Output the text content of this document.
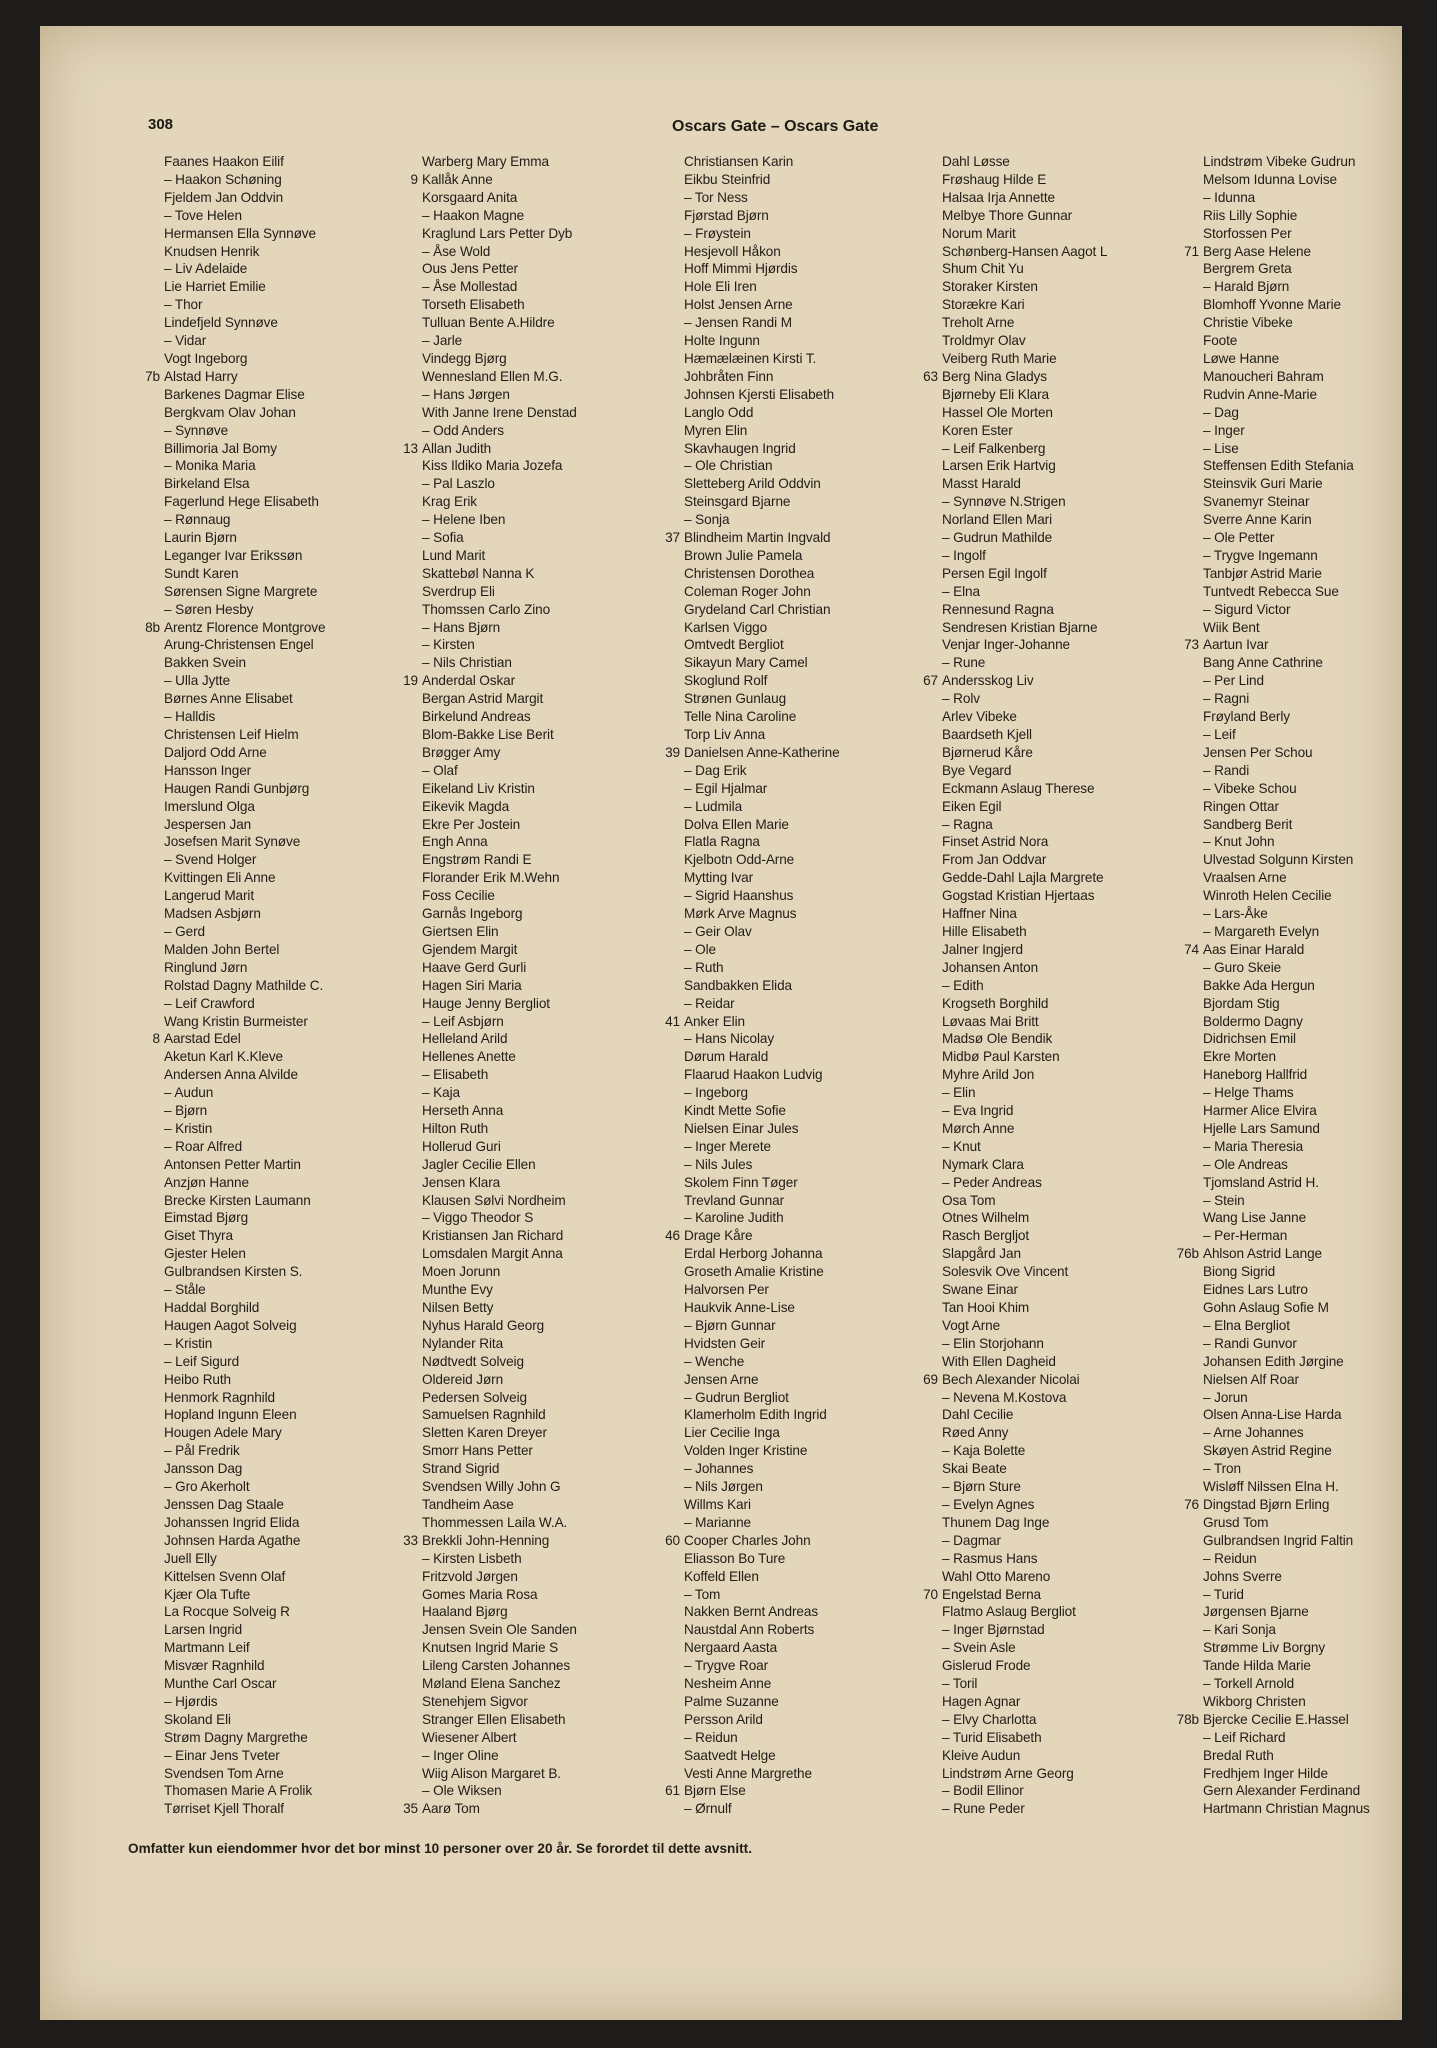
308	Oscars Gate – Oscars Gate
Faanes Haakon Eilif
– Haakon Schøning
Fjeldem Jan Oddvin
– Tove Helen
Hermansen Ella Synnøve
Knudsen Henrik
– Liv Adelaide
Lie Harriet Emilie
– Thor
Lindefjeld Synnøve
– Vidar
Vogt Ingeborg
7b Alstad Harry
Barkenes Dagmar Elise
Bergkvam Olav Johan
– Synnøve
Billimoria Jal Bomy
– Monika Maria
Birkeland Elsa
Fagerlund Hege Elisabeth
– Rønnaug
Laurin Bjørn
Leganger Ivar Erikssøn
Sundt Karen
Sørensen Signe Margrete
– Søren Hesby
8b Arentz Florence Montgrove
Arung-Christensen Engel
Bakken Svein
– Ulla Jytte
Børnes Anne Elisabet
– Halldis
Christensen Leif Hielm
Daljord Odd Arne
Hansson Inger
Haugen Randi Gunbjørg
Imerslund Olga
Jespersen Jan
Josefsen Marit Synøve
– Svend Holger
Kvittingen Eli Anne
Langerud Marit
Madsen Asbjørn
– Gerd
Malden John Bertel
Ringlund Jørn
Rolstad Dagny Mathilde C.
– Leif Crawford
Wang Kristin Burmeister
8 Aarstad Edel
Aketun Karl K.Kleve
Andersen Anna Alvilde
– Audun
– Bjørn
– Kristin
– Roar Alfred
Antonsen Petter Martin
Anzjøn Hanne
Brecke Kirsten Laumann
Eimstad Bjørg
Giset Thyra
Gjester Helen
Gulbrandsen Kirsten S.
– Ståle
Haddal Borghild
Haugen Aagot Solveig
– Kristin
– Leif Sigurd
Heibo Ruth
Henmork Ragnhild
Hopland Ingunn Eleen
Hougen Adele Mary
– Pål Fredrik
Jansson Dag
– Gro Akerholt
Jenssen Dag Staale
Johanssen Ingrid Elida
Johnsen Harda Agathe
Juell Elly
Kittelsen Svenn Olaf
Kjær Ola Tufte
La Rocque Solveig R
Larsen Ingrid
Martmann Leif
Misvær Ragnhild
Munthe Carl Oscar
– Hjørdis
Skoland Eli
Strøm Dagny Margrethe
– Einar Jens Tveter
Svendsen Tom Arne
Thomasen Marie A Frolik
Tørriset Kjell Thoralf
Warberg Mary Emma
9 Kallåk Anne
Korsgaard Anita
– Haakon Magne
Kraglund Lars Petter Dyb
– Åse Wold
Ous Jens Petter
– Åse Mollestad
Torseth Elisabeth
Tulluan Bente A.Hildre
– Jarle
Vindegg Bjørg
Wennesland Ellen M.G.
– Hans Jørgen
With Janne Irene Denstad
– Odd Anders
13 Allan Judith
Kiss Ildiko Maria Jozefa
– Pal Laszlo
Krag Erik
– Helene Iben
– Sofia
Lund Marit
Skattebøl Nanna K
Sverdrup Eli
Thomssen Carlo Zino
– Hans Bjørn
– Kirsten
– Nils Christian
19 Anderdal Oskar
Bergan Astrid Margit
Birkelund Andreas
Blom-Bakke Lise Berit
Brøgger Amy
– Olaf
Eikeland Liv Kristin
Eikevik Magda
Ekre Per Jostein
Engh Anna
Engstrøm Randi E
Florander Erik M.Wehn
Foss Cecilie
Garnås Ingeborg
Giertsen Elin
Gjendem Margit
Haave Gerd Gurli
Hagen Siri Maria
Hauge Jenny Bergliot
– Leif Asbjørn
Helleland Arild
Hellenes Anette
– Elisabeth
– Kaja
Herseth Anna
Hilton Ruth
Hollerud Guri
Jagler Cecilie Ellen
Jensen Klara
Klausen Sølvi Nordheim
– Viggo Theodor S
Kristiansen Jan Richard
Lomsdalen Margit Anna
Moen Jorunn
Munthe Evy
Nilsen Betty
Nyhus Harald Georg
Nylander Rita
Nødtvedt Solveig
Oldereid Jørn
Pedersen Solveig
Samuelsen Ragnhild
Sletten Karen Dreyer
Smorr Hans Petter
Strand Sigrid
Svendsen Willy John G
Tandheim Aase
Thommessen Laila W.A.
33 Brekkli John-Henning
– Kirsten Lisbeth
Fritzvold Jørgen
Gomes Maria Rosa
Haaland Bjørg
Jensen Svein Ole Sanden
Knutsen Ingrid Marie S
Lileng Carsten Johannes
Møland Elena Sanchez
Stenehjem Sigvor
Stranger Ellen Elisabeth
Wiesener Albert
– Inger Oline
Wiig Alison Margaret B.
– Ole Wiksen
35 Aarø Tom
Christiansen Karin
Eikbu Steinfrid
– Tor Ness
Fjørstad Bjørn
– Frøystein
Hesjevoll Håkon
Hoff Mimmi Hjørdis
Hole Eli Iren
Holst Jensen Arne
– Jensen Randi M
Holte Ingunn
Hæmælæinen Kirsti T.
Johbråten Finn
Johnsen Kjersti Elisabeth
Langlo Odd
Myren Elin
Skavhaugen Ingrid
– Ole Christian
Sletteberg Arild Oddvin
Steinsgard Bjarne
– Sonja
37 Blindheim Martin Ingvald
Brown Julie Pamela
Christensen Dorothea
Coleman Roger John
Grydeland Carl Christian
Karlsen Viggo
Omtvedt Bergliot
Sikayun Mary Camel
Skoglund Rolf
Strønen Gunlaug
Telle Nina Caroline
Torp Liv Anna
39 Danielsen Anne-Katherine
– Dag Erik
– Egil Hjalmar
– Ludmila
Dolva Ellen Marie
Flatla Ragna
Kjelbotn Odd-Arne
Mytting Ivar
– Sigrid Haanshus
Mørk Arve Magnus
– Geir Olav
– Ole
– Ruth
Sandbakken Elida
– Reidar
41 Anker Elin
– Hans Nicolay
Dørum Harald
Flaarud Haakon Ludvig
– Ingeborg
Kindt Mette Sofie
Nielsen Einar Jules
– Inger Merete
– Nils Jules
Skolem Finn Tøger
Trevland Gunnar
– Karoline Judith
46 Drage Kåre
Erdal Herborg Johanna
Groseth Amalie Kristine
Halvorsen Per
Haukvik Anne-Lise
– Bjørn Gunnar
Hvidsten Geir
– Wenche
Jensen Arne
– Gudrun Bergliot
Klamerholm Edith Ingrid
Lier Cecilie Inga
Volden Inger Kristine
– Johannes
– Nils Jørgen
Willms Kari
– Marianne
60 Cooper Charles John
Eliasson Bo Ture
Koffeld Ellen
– Tom
Nakken Bernt Andreas
Naustdal Ann Roberts
Nergaard Aasta
– Trygve Roar
Nesheim Anne
Palme Suzanne
Persson Arild
– Reidun
Saatvedt Helge
Vesti Anne Margrethe
61 Bjørn Else
– Ørnulf
Dahl Løsse
Frøshaug Hilde E
Halsaa Irja Annette
Melbye Thore Gunnar
Norum Marit
Schønberg-Hansen Aagot L
Shum Chit Yu
Storaker Kirsten
Storækre Kari
Treholt Arne
Troldmyr Olav
Veiberg Ruth Marie
63 Berg Nina Gladys
Bjørneby Eli Klara
Hassel Ole Morten
Koren Ester
– Leif Falkenberg
Larsen Erik Hartvig
Masst Harald
– Synnøve N.Strigen
Norland Ellen Mari
– Gudrun Mathilde
– Ingolf
Persen Egil Ingolf
– Elna
Rennesund Ragna
Sendresen Kristian Bjarne
Venjar Inger-Johanne
– Rune
67 Andersskog Liv
– Rolv
Arlev Vibeke
Baardseth Kjell
Bjørnerud Kåre
Bye Vegard
Eckmann Aslaug Therese
Eiken Egil
– Ragna
Finset Astrid Nora
From Jan Oddvar
Gedde-Dahl Lajla Margrete
Gogstad Kristian Hjertaas
Haffner Nina
Hille Elisabeth
Jalner Ingjerd
Johansen Anton
– Edith
Krogseth Borghild
Løvaas Mai Britt
Madsø Ole Bendik
Midbø Paul Karsten
Myhre Arild Jon
– Elin
– Eva Ingrid
Mørch Anne
– Knut
Nymark Clara
– Peder Andreas
Osa Tom
Otnes Wilhelm
Rasch Bergljot
Slapgård Jan
Solesvik Ove Vincent
Swane Einar
Tan Hooi Khim
Vogt Arne
– Elin Storjohann
With Ellen Dagheid
69 Bech Alexander Nicolai
– Nevena M.Kostova
Dahl Cecilie
Røed Anny
– Kaja Bolette
Skai Beate
– Bjørn Sture
– Evelyn Agnes
Thunem Dag Inge
– Dagmar
– Rasmus Hans
Wahl Otto Mareno
70 Engelstad Berna
Flatmo Aslaug Bergliot
– Inger Bjørnstad
– Svein Asle
Gislerud Frode
– Toril
Hagen Agnar
– Elvy Charlotta
– Turid Elisabeth
Kleive Audun
Lindstrøm Arne Georg
– Bodil Ellinor
– Rune Peder
Lindstrøm Vibeke Gudrun
Melsom Idunna Lovise
– Idunna
Riis Lilly Sophie
Storfossen Per
71 Berg Aase Helene
Bergrem Greta
– Harald Bjørn
Blomhoff Yvonne Marie
Christie Vibeke
Foote
Løwe Hanne
Manoucheri Bahram
Rudvin Anne-Marie
– Dag
– Inger
– Lise
Steffensen Edith Stefania
Steinsvik Guri Marie
Svanemyr Steinar
Sverre Anne Karin
– Ole Petter
– Trygve Ingemann
Tanbjør Astrid Marie
Tuntvedt Rebecca Sue
– Sigurd Victor
Wiik Bent
73 Aartun Ivar
Bang Anne Cathrine
– Per Lind
– Ragni
Frøyland Berly
– Leif
Jensen Per Schou
– Randi
– Vibeke Schou
Ringen Ottar
Sandberg Berit
– Knut John
Ulvestad Solgunn Kirsten
Vraalsen Arne
Winroth Helen Cecilie
– Lars-Åke
– Margareth Evelyn
74 Aas Einar Harald
– Guro Skeie
Bakke Ada Hergun
Bjordam Stig
Boldermo Dagny
Didrichsen Emil
Ekre Morten
Haneborg Hallfrid
– Helge Thams
Harmer Alice Elvira
Hjelle Lars Samund
– Maria Theresia
– Ole Andreas
Tjomsland Astrid H.
– Stein
Wang Lise Janne
– Per-Herman
76b Ahlson Astrid Lange
Biong Sigrid
Eidnes Lars Lutro
Gohn Aslaug Sofie M
– Elna Bergliot
– Randi Gunvor
Johansen Edith Jørgine
Nielsen Alf Roar
– Jorun
Olsen Anna-Lise Harda
– Arne Johannes
Skøyen Astrid Regine
– Tron
Wisløff Nilssen Elna H.
76 Dingstad Bjørn Erling
Grusd Tom
Gulbrandsen Ingrid Faltin
– Reidun
Johns Sverre
– Turid
Jørgensen Bjarne
– Kari Sonja
Strømme Liv Borgny
Tande Hilda Marie
– Torkell Arnold
Wikborg Christen
78b Bjercke Cecilie E.Hassel
– Leif Richard
Bredal Ruth
Fredhjem Inger Hilde
Gern Alexander Ferdinand
Hartmann Christian Magnus
Omfatter kun eiendommer hvor det bor minst 10 personer over 20 år. Se forordet til dette avsnitt.
